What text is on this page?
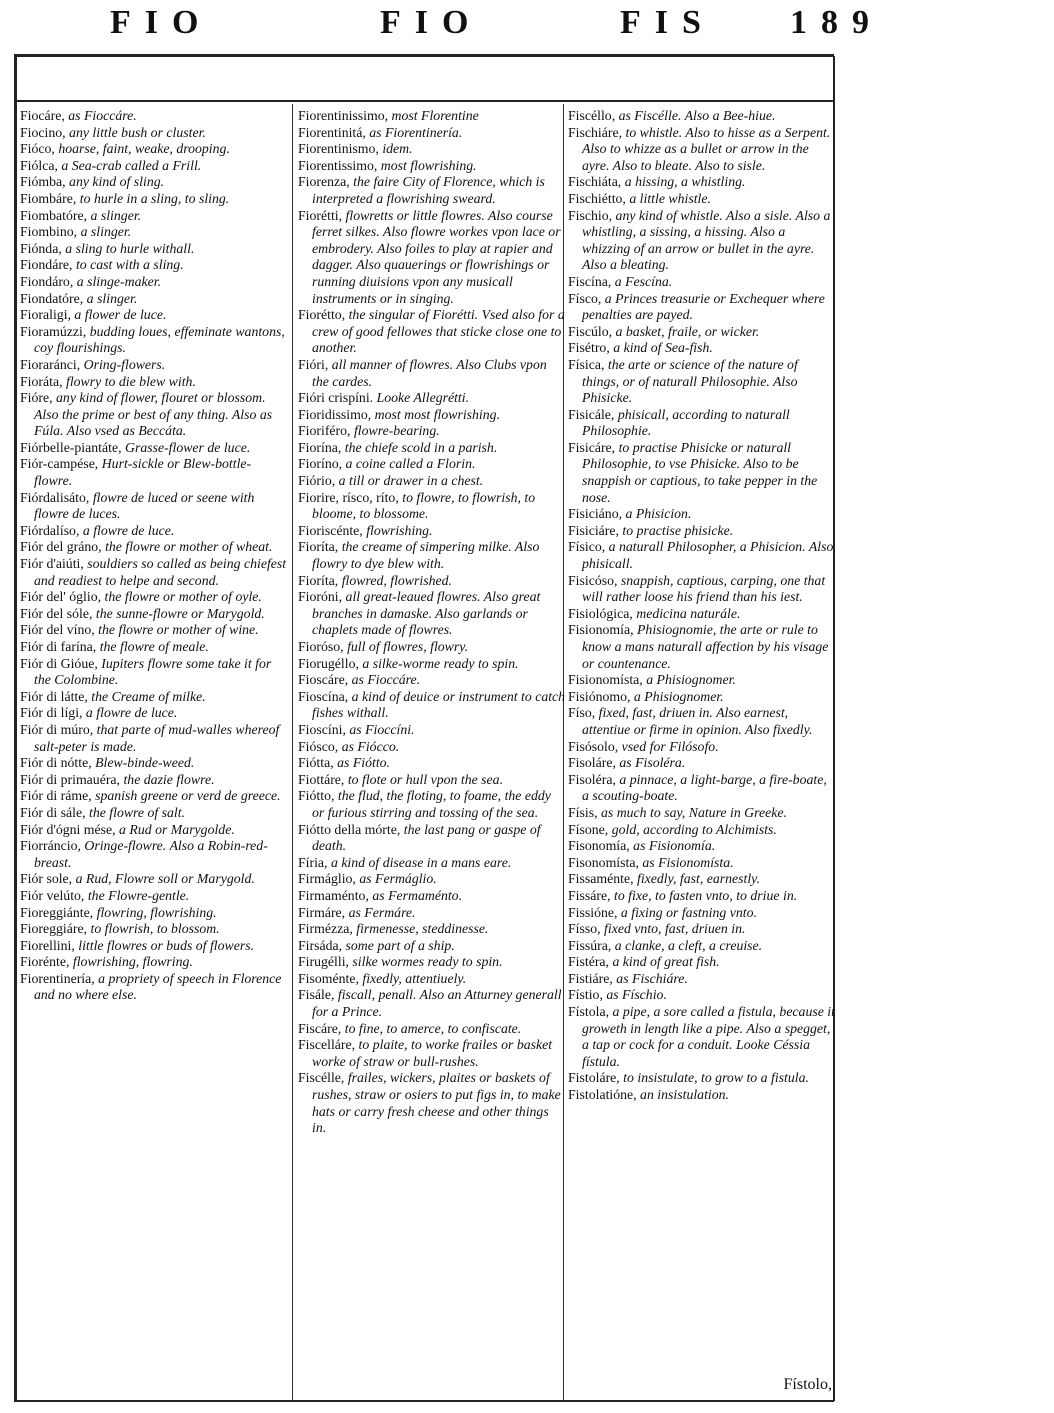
FIO	FIO	FIS 189

Fiocáre, as Fioccáre.

Fiocino, any little bush or cluster.

Fióco, hoarse, faint, weake, drooping.

Fiólca, a Sea-crab called a Frill.

Fiómba, any kind of sling.

Fiombáre, to hurle in a sling, to sling.

Fiombatóre, a slinger.

Fiombino, a slinger.

Fiónda, a sling to hurle withall.

Fiondáre, to cast with a sling.

Fiondáro, a slinge-maker.

Fiondatóre, a slinger.

Fioraligi, a flower de luce.

Fioramúzzi, budding loues, effeminate wantons, coy flourishings.

Fioraránci, Oring-flowers.

Fioráta, flowry to die blew with.

Fióre, any kind of flower, flouret or blossom. Also the prime or best of any thing. Also as Fúla. Also vsed as Beccáta.

Fiórbelle-piantáte, Grasse-flower de luce.

Fiór-campése, Hurt-sickle or Blew-bottle-flowre.

Fiórdalisáto, flowre de luced or seene with flowre de luces.

Fiórdalíso, a flowre de luce.

Fiór del gráno, the flowre or mother of wheat.

Fiór d'aiúti, souldiers so called as being chiefest and readiest to helpe and second.

Fiór del' óglio, the flowre or mother of oyle.

Fiór del sóle, the sunne-flowre or Marygold.

Fiór del víno, the flowre or mother of wine.

Fiór di farína, the flowre of meale.

Fiór di Gióue, Iupiters flowre some take it for the Colombine.

Fiór di látte, the Creame of milke.

Fiór di lígi, a flowre de luce.

Fiór di múro, that parte of mud-walles whereof salt-peter is made.

Fiór di nótte, Blew-binde-weed.

Fiór di primauéra, the dazie flowre.

Fiór di ráme, spanish greene or verd de greece.

Fiór di sále, the flowre of salt.

Fiór d'ógni mése, a Rud or Marygolde.

Fiorráncio, Oringe-flowre. Also a Robin-red-breast.

Fiór sole, a Rud, Flowre soll or Marygold.

Fiór velúto, the Flowre-gentle.

Fioreggiánte, flowring, flowrishing.

Fioreggiáre, to flowrish, to blossom.

Fiorellini, little flowres or buds of flowers.

Fiorénte, flowrishing, flowring.

Fiorentinería, a propriety of speech in Florence and no where else.

Fiorentinissimo, most Florentine

Fiorentinitá, as Fiorentinería.

Fiorentinismo, idem.

Fiorentissimo, most flowrishing.

Fiorenza, the faire City of Florence, which is interpreted a flowrishing sweard.

Fiorétti, flowretts or little flowres. Also course ferret silkes. Also flowre workes vpon lace or embrodery. Also foiles to play at rapier and dagger. Also quauerings or flowrishings or running diuisions vpon any musicall instruments or in singing.

Fiorétto, the singular of Fiorétti. Vsed also for a crew of good fellowes that sticke close one to another.

Fióri, all manner of flowres. Also Clubs vpon the cardes.

Fióri crispíni. Looke Allegrétti.

Fioridissimo, most most flowrishing.

Fioriféro, flowre-bearing.

Fiorína, the chiefe scold in a parish.

Fioríno, a coine called a Florin.

Fiório, a till or drawer in a chest.

Fiorire, rísco, ríto, to flowre, to flowrish, to bloome, to blossome.

Fioriscénte, flowrishing.

Fioríta, the creame of simpering milke. Also flowry to dye blew with.

Fioríta, flowred, flowrished.

Fioróni, all great-leaued flowres. Also great branches in damaske. Also garlands or chaplets made of flowres.

Fioróso, full of flowres, flowry.

Fiorugéllo, a silke-worme ready to spin.

Fioscáre, as Fioccáre.

Fioscína, a kind of deuice or instrument to catch fishes withall.

Fioscíni, as Fioccíni.

Fiósco, as Fiócco.

Fiótta, as Fiótto.

Fiottáre, to flote or hull vpon the sea.

Fiótto, the flud, the floting, to foame, the eddy or furious stirring and tossing of the sea.

Fiótto della mórte, the last pang or gaspe of death.

Fíria, a kind of disease in a mans eare.

Firmáglio, as Fermáglio.

Firmaménto, as Fermaménto.

Firmáre, as Fermáre.

Firmézza, firmenesse, steddinesse.

Firsáda, some part of a ship.

Firugélli, silke wormes ready to spin.

Fisoménte, fixedly, attentiuely.

Fisále, fiscall, penall. Also an Atturney generall for a Prince.

Fiscáre, to fine, to amerce, to confiscate.

Fiscelláre, to plaite, to worke frailes or basket worke of straw or bull-rushes.

Fiscélle, frailes, wickers, plaites or baskets of rushes, straw or osiers to put figs in, to make hats or carry fresh cheese and other things in.

Fiscéllo, as Fiscélle. Also a Bee-hiue.

Fischiáre, to whistle. Also to hisse as a Serpent. Also to whizze as a bullet or arrow in the ayre. Also to bleate. Also to sisle.

Fischiáta, a hissing, a whistling.

Fischiétto, a little whistle.

Fischio, any kind of whistle. Also a sisle. Also a whistling, a sissing, a hissing. Also a whizzing of an arrow or bullet in the ayre. Also a bleating.

Fiscína, a Fescína.

Físco, a Princes treasurie or Exchequer where penalties are payed.

Fiscúlo, a basket, fraile, or wicker.

Fisétro, a kind of Sea-fish.

Física, the arte or science of the nature of things, or of naturall Philosophie. Also Phisicke.

Fisicále, phisicall, according to naturall Philosophie.

Fisicáre, to practise Phisicke or naturall Philosophie, to vse Phisicke. Also to be snappish or captious, to take pepper in the nose.

Fisiciáno, a Phisicion.

Fisiciáre, to practise phisicke.

Físico, a naturall Philosopher, a Phisicion. Also phisicall.

Fisicóso, snappish, captious, carping, one that will rather loose his friend than his iest.

Fisiológica, medicina naturále.

Fisionomía, Phisiognomie, the arte or rule to know a mans naturall affection by his visage or countenance.

Fisionomísta, a Phisiognomer.

Fisiónomo, a Phisiognomer.

Físo, fixed, fast, driuen in. Also earnest, attentiue or firme in opinion. Also fixedly.

Fisósolo, vsed for Filósofo.

Fisoláre, as Fisoléra.

Fisoléra, a pinnace, a light-barge, a fire-boate, a scouting-boate.

Físis, as much to say, Nature in Greeke.

Físone, gold, according to Alchimists.

Fisonomía, as Fisionomía.

Fisonomísta, as Fisionomísta.

Fissaménte, fixedly, fast, earnestly.

Fissáre, to fixe, to fasten vnto, to driue in.

Fissióne, a fixing or fastning vnto.

Físso, fixed vnto, fast, driuen in.

Fissúra, a clanke, a cleft, a creuise.

Fistéra, a kind of great fish.

Fistiáre, as Fischiáre.

Fístio, as Físchio.

Fístola, a pipe, a sore called a fistula, because it groweth in length like a pipe. Also a spegget, a tap or cock for a conduit. Looke Céssia fístula.

Fistoláre, to insistulate, to grow to a fistula.

Fistolatióne, an insistulation.

Fístolo,
